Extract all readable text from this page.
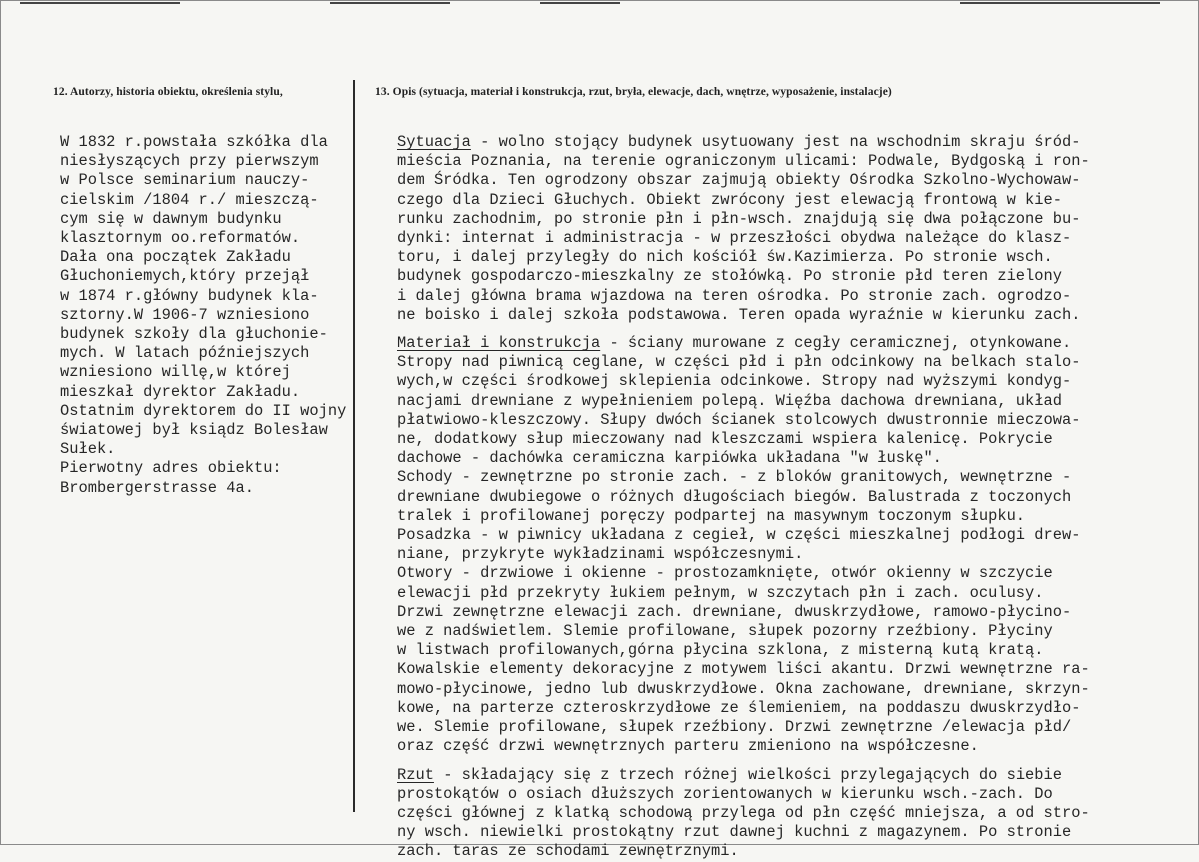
12. Autorzy, historia obiektu, określenia stylu,	13. Opis (sytuacja, materiał i konstrukcja, rzut, bryła, elewacje, dach, wnętrze, wyposażenie, instalacje)
W 1832 r.powstała szkółka dla
niesłyszących przy pierwszym
w Polsce seminarium nauczy-
cielskim /1804 r./ mieszczą-
cym się w dawnym budynku
klasztornym oo.reformatów.
Dała ona początek Zakładu
Głuchoniemych,który przejął
w 1874 r.główny budynek kla-
sztorny.W 1906-7 wzniesiono
budynek szkoły dla głuchonie-
mych. W latach późniejszych
wzniesiono willę,w której
mieszkał dyrektor Zakładu.
Ostatnim dyrektorem do II wojny
światowej był ksiądz Bolesław
Sułek.
Pierwotny adres obiektu:
Brombergerstrasse 4a.

Sytuacja - wolno stojący budynek usytuowany jest na wschodnim skraju śród-
mieścia Poznania, na terenie ograniczonym ulicami: Podwale, Bydgoską i ron-
dem Śródka. Ten ogrodzony obszar zajmują obiekty Ośrodka Szkolno-Wychowaw-
czego dla Dzieci Głuchych. Obiekt zwrócony jest elewacją frontową w kie-
runku zachodnim, po stronie płn i płn-wsch. znajdują się dwa połączone bu-
dynki: internat i administracja - w przeszłości obydwa należące do klasz-
toru, i dalej przyległy do nich kościół św.Kazimierza. Po stronie wsch.
budynek gospodarczo-mieszkalny ze stołówką. Po stronie płd teren zielony
i dalej główna brama wjazdowa na teren ośrodka. Po stronie zach. ogrodzo-
ne boisko i dalej szkoła podstawowa. Teren opada wyraźnie w kierunku zach.

Materiał i konstrukcja - ściany murowane z cegły ceramicznej, otynkowane.
Stropy nad piwnicą ceglane, w części płd i płn odcinkowy na belkach stalo-
wych,w części środkowej sklepienia odcinkowe. Stropy nad wyższymi kondyg-
nacjami drewniane z wypełnieniem polepą. Więźba dachowa drewniana, układ
płatwiowo-kleszczowy. Słupy dwóch ścianek stolcowych dwustronnie mieczowa-
ne, dodatkowy słup mieczowany nad kleszczami wspiera kalenicę. Pokrycie
dachowe - dachówka ceramiczna karpiówka układana "w łuskę".
Schody - zewnętrzne po stronie zach. - z bloków granitowych, wewnętrzne -
drewniane dwubiegowe o różnych długościach biegów. Balustrada z toczonych
tralek i profilowanej poręczy podpartej na masywnym toczonym słupku.
Posadzka - w piwnicy układana z cegieł, w części mieszkalnej podłogi drew-
niane, przykryte wykładzinami współczesnymi.
Otwory - drzwiowe i okienne - prostozamknięte, otwór okienny w szczycie
elewacji płd przekryty łukiem pełnym, w szczytach płn i zach. oculusy.
Drzwi zewnętrzne elewacji zach. drewniane, dwuskrzydłowe, ramowo-płycino-
we z nadświetlem. Slemie profilowane, słupek pozorny rzeźbiony. Płyciny
w listwach profilowanych,górna płycina szklona, z misterną kutą kratą.
Kowalskie elementy dekoracyjne z motywem liści akantu. Drzwi wewnętrzne ra-
mowo-płycinowe, jedno lub dwuskrzydłowe. Okna zachowane, drewniane, skrzyn-
kowe, na parterze czteroskrzydłowe ze ślemieniem, na poddaszu dwuskrzydło-
we. Slemie profilowane, słupek rzeźbiony. Drzwi zewnętrzne /elewacja płd/
oraz część drzwi wewnętrznych parteru zmieniono na współczesne.

Rzut - składający się z trzech różnej wielkości przylegających do siebie
prostokątów o osiach dłuższych zorientowanych w kierunku wsch.-zach. Do
części głównej z klatką schodową przylega od płn część mniejsza, a od stro-
ny wsch. niewielki prostokątny rzut dawnej kuchni z magazynem. Po stronie
zach. taras ze schodami zewnętrznymi.
